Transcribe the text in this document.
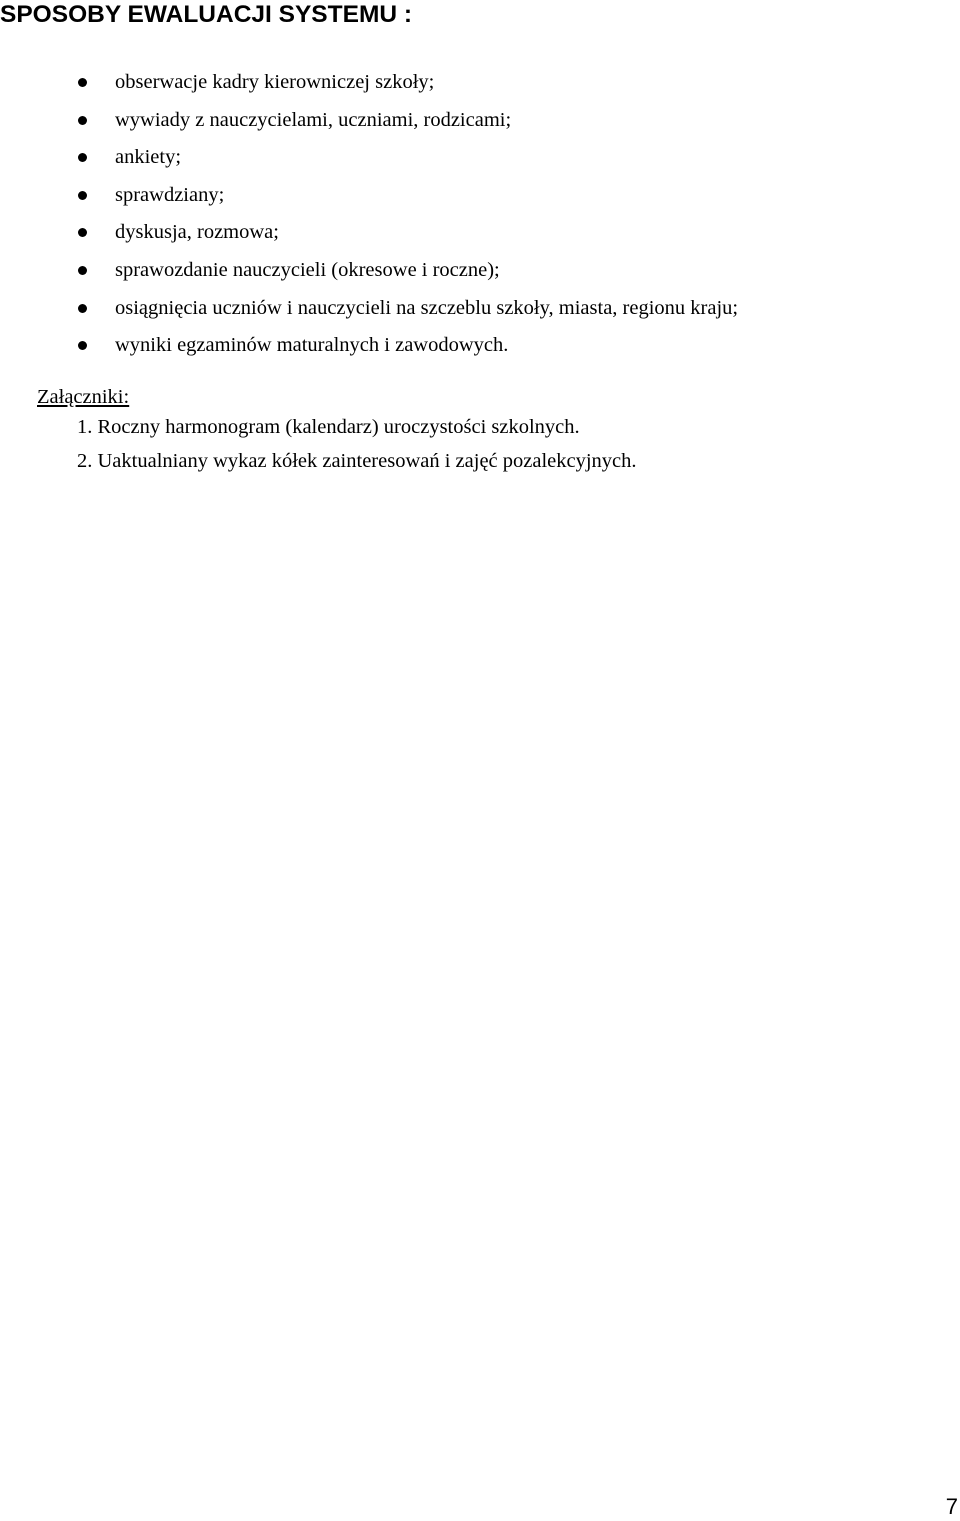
SPOSOBY EWALUACJI SYSTEMU :
obserwacje kadry kierowniczej szkoły;
wywiady z nauczycielami, uczniami, rodzicami;
ankiety;
sprawdziany;
dyskusja, rozmowa;
sprawozdanie nauczycieli (okresowe i roczne);
osiągnięcia uczniów i nauczycieli na szczeblu szkoły, miasta, regionu kraju;
wyniki egzaminów maturalnych i zawodowych.
Załączniki:
1. Roczny harmonogram (kalendarz) uroczystości szkolnych.
2. Uaktualniany wykaz kółek zainteresowań i zajęć pozalekcyjnych.
7
